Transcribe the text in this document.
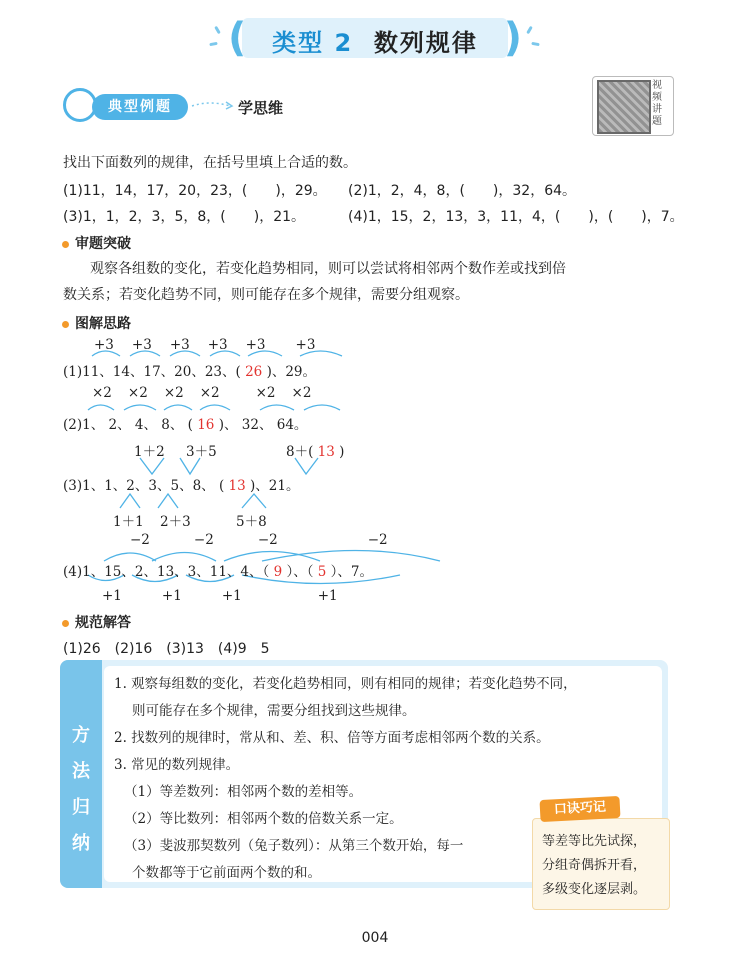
(	)
类型 2 数列规律
典型例题	学思维
视频讲题
找出下面数列的规律，在括号里填上合适的数。
(1)11，14，17，20，23，(　　)，29。 (2)1，2，4，8，(　　)，32，64。
(3)1，1，2，3，5，8，(　　)，21。	(4)1，15，2，13，3，11，4，(　　)，(　　)，7。
审题突破
观察各组数的变化，若变化趋势相同，则可以尝试将相邻两个数作差或找到倍
数关系；若变化趋势不同，则可能存在多个规律，需要分组观察。
图解思路
+3 +3 +3 +3 +3 +3
(1)11、14、17、20、23、( 26 )、29。
×2 ×2 ×2 ×2	×2 ×2
(2)1、 2、 4、 8、 ( 16 )、 32、 64。
1＋2 3＋5	8＋( 13 )
(3)1、1、2、3、5、8、 ( 13 )、21。
1＋1 2＋3	5＋8
−2	−2	−2	−2
(4)1、15、2、13、3、11、4、（ 9 ）、（ 5 ）、7。
+1	+1	+1	+1
规范解答
(1)26　(2)16　(3)13　(4)9　5
方
法
归
纳
1. 观察每组数的变化，若变化趋势相同，则有相同的规律；若变化趋势不同，
则可能存在多个规律，需要分组找到这些规律。
2. 找数列的规律时，常从和、差、积、倍等方面考虑相邻两个数的关系。
3. 常见的数列规律。
（1）等差数列：相邻两个数的差相等。
（2）等比数列：相邻两个数的倍数关系一定。
（3）斐波那契数列（兔子数列）：从第三个数开始，每一
个数都等于它前面两个数的和。
口诀巧记
等差等比先试探，
分组奇偶拆开看，
多级变化逐层剥。
004
